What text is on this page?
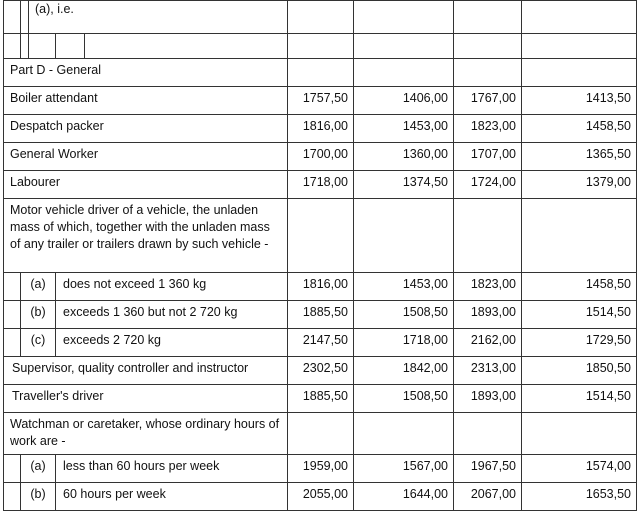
		(a), i.e.						

Part D - General								
Boiler attendant					1757,50	1406,00	1767,00	1413,50
Despatch packer					1816,00	1453,00	1823,00	1458,50
General Worker					1700,00	1360,00	1707,00	1365,50
Labourer					1718,00	1374,50	1724,00	1379,00
Motor vehicle driver of a vehicle, the unladen mass of which, together with the unladen mass of any trailer or trailers drawn by such vehicle -								
	(a)		does not exceed 1 360 kg		1816,00	1453,00	1823,00	1458,50
	(b)		exceeds 1 360 but not 2 720 kg		1885,50	1508,50	1893,00	1514,50
	(c)		exceeds 2 720 kg		2147,50	1718,00	2162,00	1729,50
Supervisor, quality controller and instructor					2302,50	1842,00	2313,00	1850,50
Traveller's driver					1885,50	1508,50	1893,00	1514,50
Watchman or caretaker, whose ordinary hours of work are -								
	(a)		less than 60 hours per week		1959,00	1567,00	1967,50	1574,00
	(b)		60 hours per week		2055,00	1644,00	2067,00	1653,50
